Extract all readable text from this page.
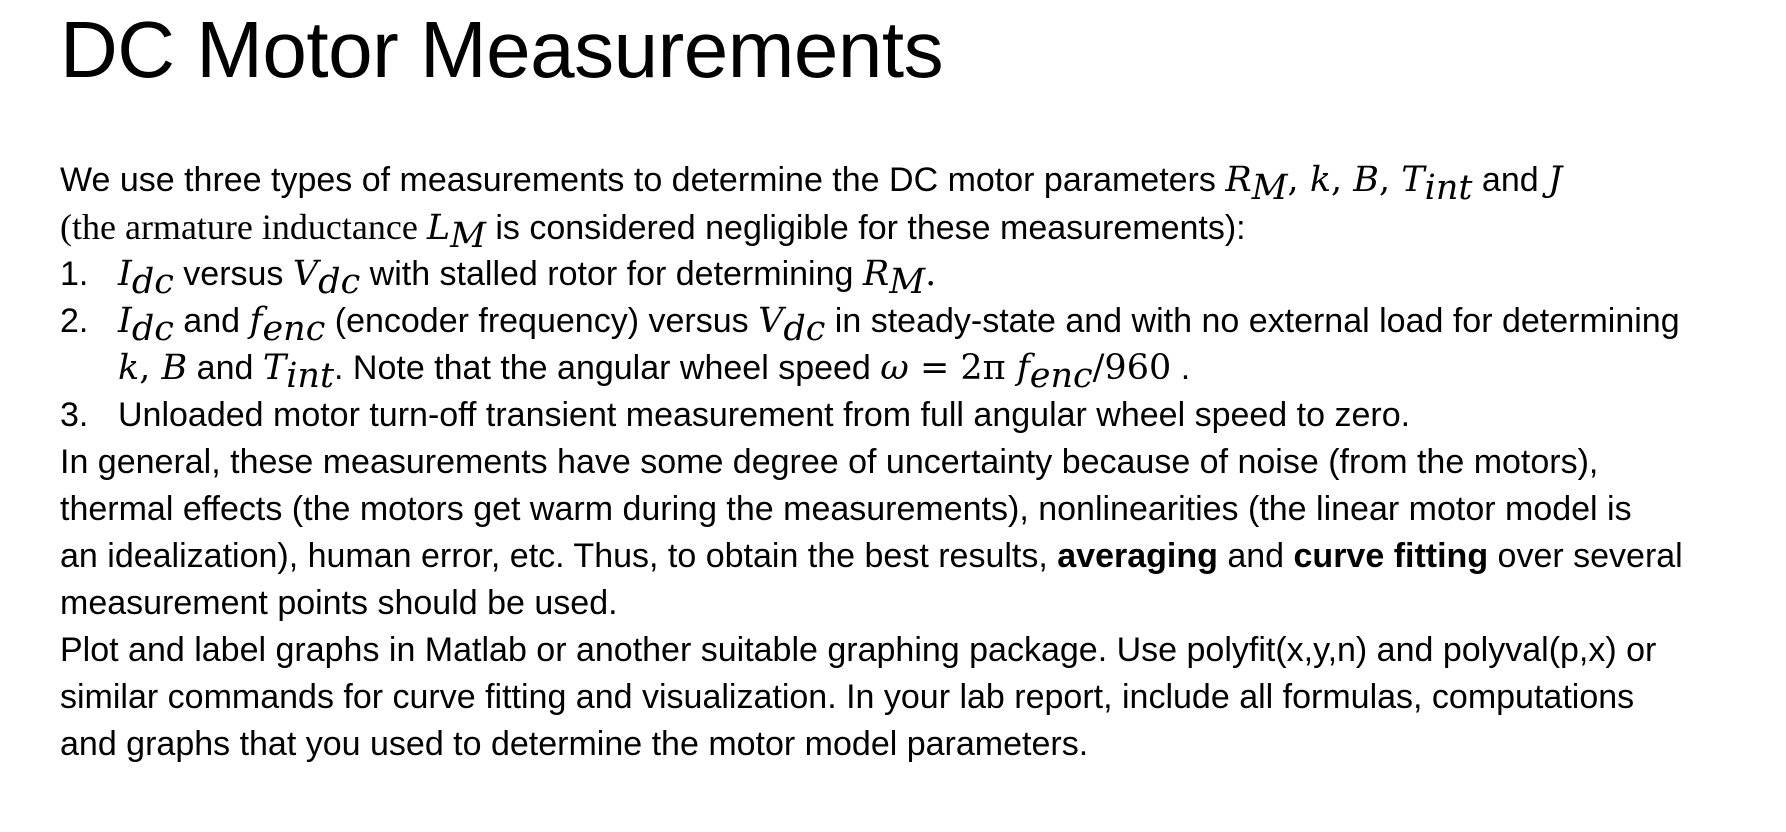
DC Motor Measurements
We use three types of measurements to determine the DC motor parameters $R_M$, k, B, $T_{int}$ and J
(the armature inductance $L_M$ is considered negligible for these measurements):
1. $I_{dc}$ versus $V_{dc}$ with stalled rotor for determining $R_M$.
2. $I_{dc}$ and $f_{enc}$ (encoder frequency) versus $V_{dc}$ in steady-state and with no external load for determining
k, B and $T_{int}$. Note that the angular wheel speed ω = 2π $f_{enc}/960$ .
3. Unloaded motor turn-off transient measurement from full angular wheel speed to zero.
In general, these measurements have some degree of uncertainty because of noise (from the motors),
thermal effects (the motors get warm during the measurements), nonlinearities (the linear motor model is
an idealization), human error, etc. Thus, to obtain the best results, averaging and curve fitting over several
measurement points should be used.
Plot and label graphs in Matlab or another suitable graphing package. Use polyfit(x,y,n) and polyval(p,x) or
similar commands for curve fitting and visualization. In your lab report, include all formulas, computations
and graphs that you used to determine the motor model parameters.
